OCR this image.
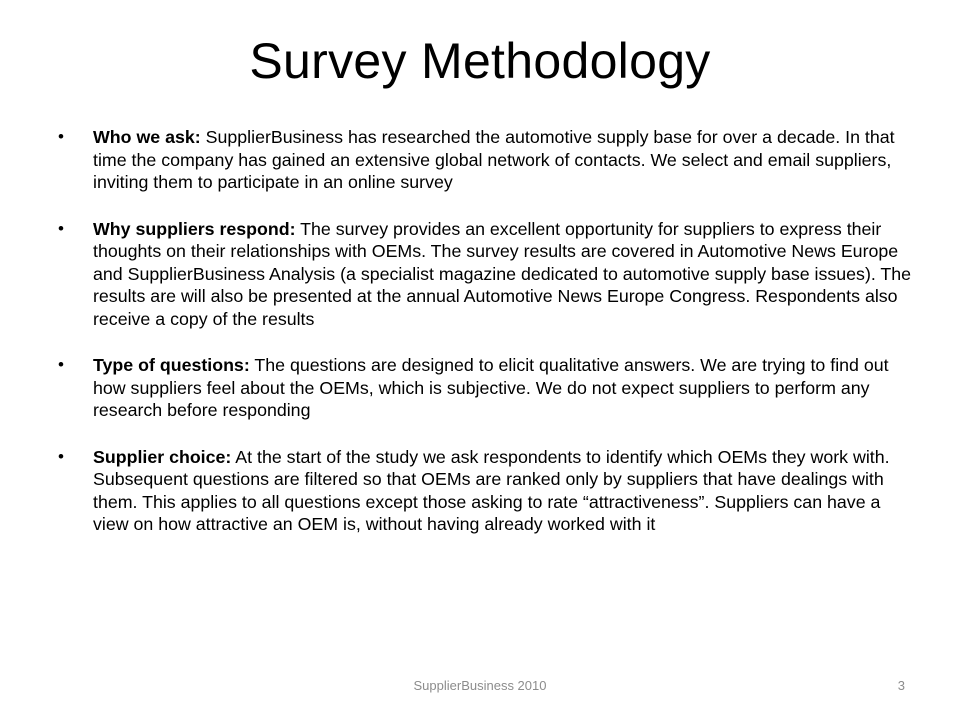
Survey Methodology
• Who we ask: SupplierBusiness has researched the automotive supply base for over a decade. In that time the company has gained an extensive global network of contacts. We select and email suppliers, inviting them to participate in an online survey
• Why suppliers respond: The survey provides an excellent opportunity for suppliers to express their thoughts on their relationships with OEMs. The survey results are covered in Automotive News Europe and SupplierBusiness Analysis (a specialist magazine dedicated to automotive supply base issues). The results are will also be presented at the annual Automotive News Europe Congress. Respondents also receive a copy of the results
• Type of questions: The questions are designed to elicit qualitative answers. We are trying to find out how suppliers feel about the OEMs, which is subjective. We do not expect suppliers to perform any research before responding
• Supplier choice: At the start of the study we ask respondents to identify which OEMs they work with. Subsequent questions are filtered so that OEMs are ranked only by suppliers that have dealings with them. This applies to all questions except those asking to rate “attractiveness”. Suppliers can have a view on how attractive an OEM is, without having already worked with it
SupplierBusiness 2010	3
